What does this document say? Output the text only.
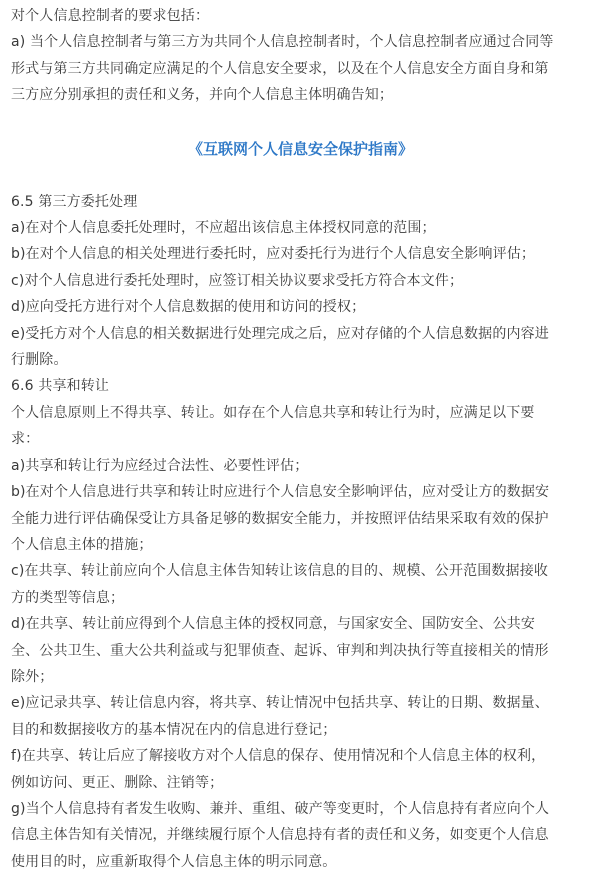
对个人信息控制者的要求包括：

a) 当个人信息控制者与第三方为共同个人信息控制者时，个人信息控制者应通过合同等

形式与第三方共同确定应满足的个人信息安全要求，以及在个人信息安全方面自身和第

三方应分别承担的责任和义务，并向个人信息主体明确告知；

《互联网个人信息安全保护指南》

6.5 第三方委托处理

a)在对个人信息委托处理时，不应超出该信息主体授权同意的范围；

b)在对个人信息的相关处理进行委托时，应对委托行为进行个人信息安全影响评估；

c)对个人信息进行委托处理时，应签订相关协议要求受托方符合本文件；

d)应向受托方进行对个人信息数据的使用和访问的授权；

e)受托方对个人信息的相关数据进行处理完成之后，应对存储的个人信息数据的内容进

行删除。

6.6 共享和转让

个人信息原则上不得共享、转让。如存在个人信息共享和转让行为时，应满足以下要

求：

a)共享和转让行为应经过合法性、必要性评估；

b)在对个人信息进行共享和转让时应进行个人信息安全影响评估，应对受让方的数据安

全能力进行评估确保受让方具备足够的数据安全能力，并按照评估结果采取有效的保护

个人信息主体的措施；

c)在共享、转让前应向个人信息主体告知转让该信息的目的、规模、公开范围数据接收

方的类型等信息；

d)在共享、转让前应得到个人信息主体的授权同意，与国家安全、国防安全、公共安

全、公共卫生、重大公共利益或与犯罪侦查、起诉、审判和判决执行等直接相关的情形

除外；

e)应记录共享、转让信息内容，将共享、转让情况中包括共享、转让的日期、数据量、

目的和数据接收方的基本情况在内的信息进行登记；

f)在共享、转让后应了解接收方对个人信息的保存、使用情况和个人信息主体的权利，

例如访问、更正、删除、注销等；

g)当个人信息持有者发生收购、兼并、重组、破产等变更时，个人信息持有者应向个人

信息主体告知有关情况，并继续履行原个人信息持有者的责任和义务，如变更个人信息

使用目的时，应重新取得个人信息主体的明示同意。
